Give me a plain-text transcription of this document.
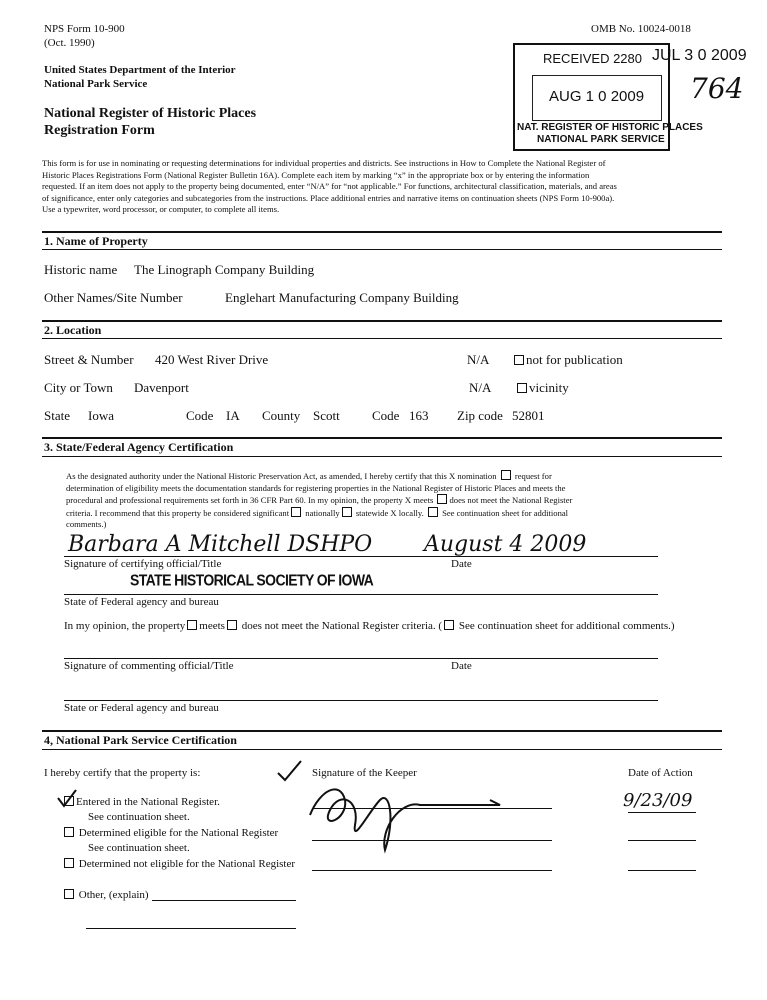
NPS Form 10-900
(Oct. 1990)
OMB No. 10024-0018
United States Department of the Interior
National Park Service
National Register of Historic Places
Registration Form
RECEIVED 2280
AUG 1 0 2009
NAT. REGISTER OF HISTORIC PLACES
NATIONAL PARK SERVICE
JUL 3 0 2009
764

This form is for use in nominating or requesting determinations for individual properties and districts. See instructions in How to Complete the National Register of

Historic Places Registrations Form (National Register Bulletin 16A). Complete each item by marking “x” in the appropriate box or by entering the information

requested. If an item does not apply to the property being documented, enter “N/A” for “not applicable.” For functions, architectural classification, materials, and areas

of significance, enter only categories and subcategories from the instructions. Place additional entries and narrative items on continuation sheets (NPS Form 10-900a).

Use a typewriter, word processor, or computer, to complete all items.

1. Name of Property
Historic name The Linograph Company Building
Other Names/Site Number	Englehart Manufacturing Company Building
2. Location
Street & Number 420 West River Drive	N/A	not for publication
City or Town Davenport	N/A	vicinity
State Iowa	Code IA County Scott Code 163 Zip code 52801
3. State/Federal Agency Certification

As the designated authority under the National Historic Preservation Act, as amended, I hereby certify that this X nomination request for

determination of eligibility meets the documentation standards for registering properties in the National Register of Historic Places and meets the

procedural and professional requirements set forth in 36 CFR Part 60. In my opinion, the property X meets does not meet the National Register

criteria. I recommend that this property be considered significant nationally statewide X locally. See continuation sheet for additional

comments.)

Barbara A Mitchell DSHPO August 4 2009
Signature of certifying official/Title	Date
STATE HISTORICAL SOCIETY OF IOWA
State of Federal agency and bureau
In my opinion, the property meets does not meet the National Register criteria. ( See continuation sheet for additional comments.)
Signature of commenting official/Title	Date
State or Federal agency and bureau
4, National Park Service Certification
I hereby certify that the property is:	Signature of the Keeper	Date of Action
Entered in the National Register.	9/23/09
See continuation sheet.
Determined eligible for the National Register
See continuation sheet.
Determined not eligible for the National Register
Other, (explain)
